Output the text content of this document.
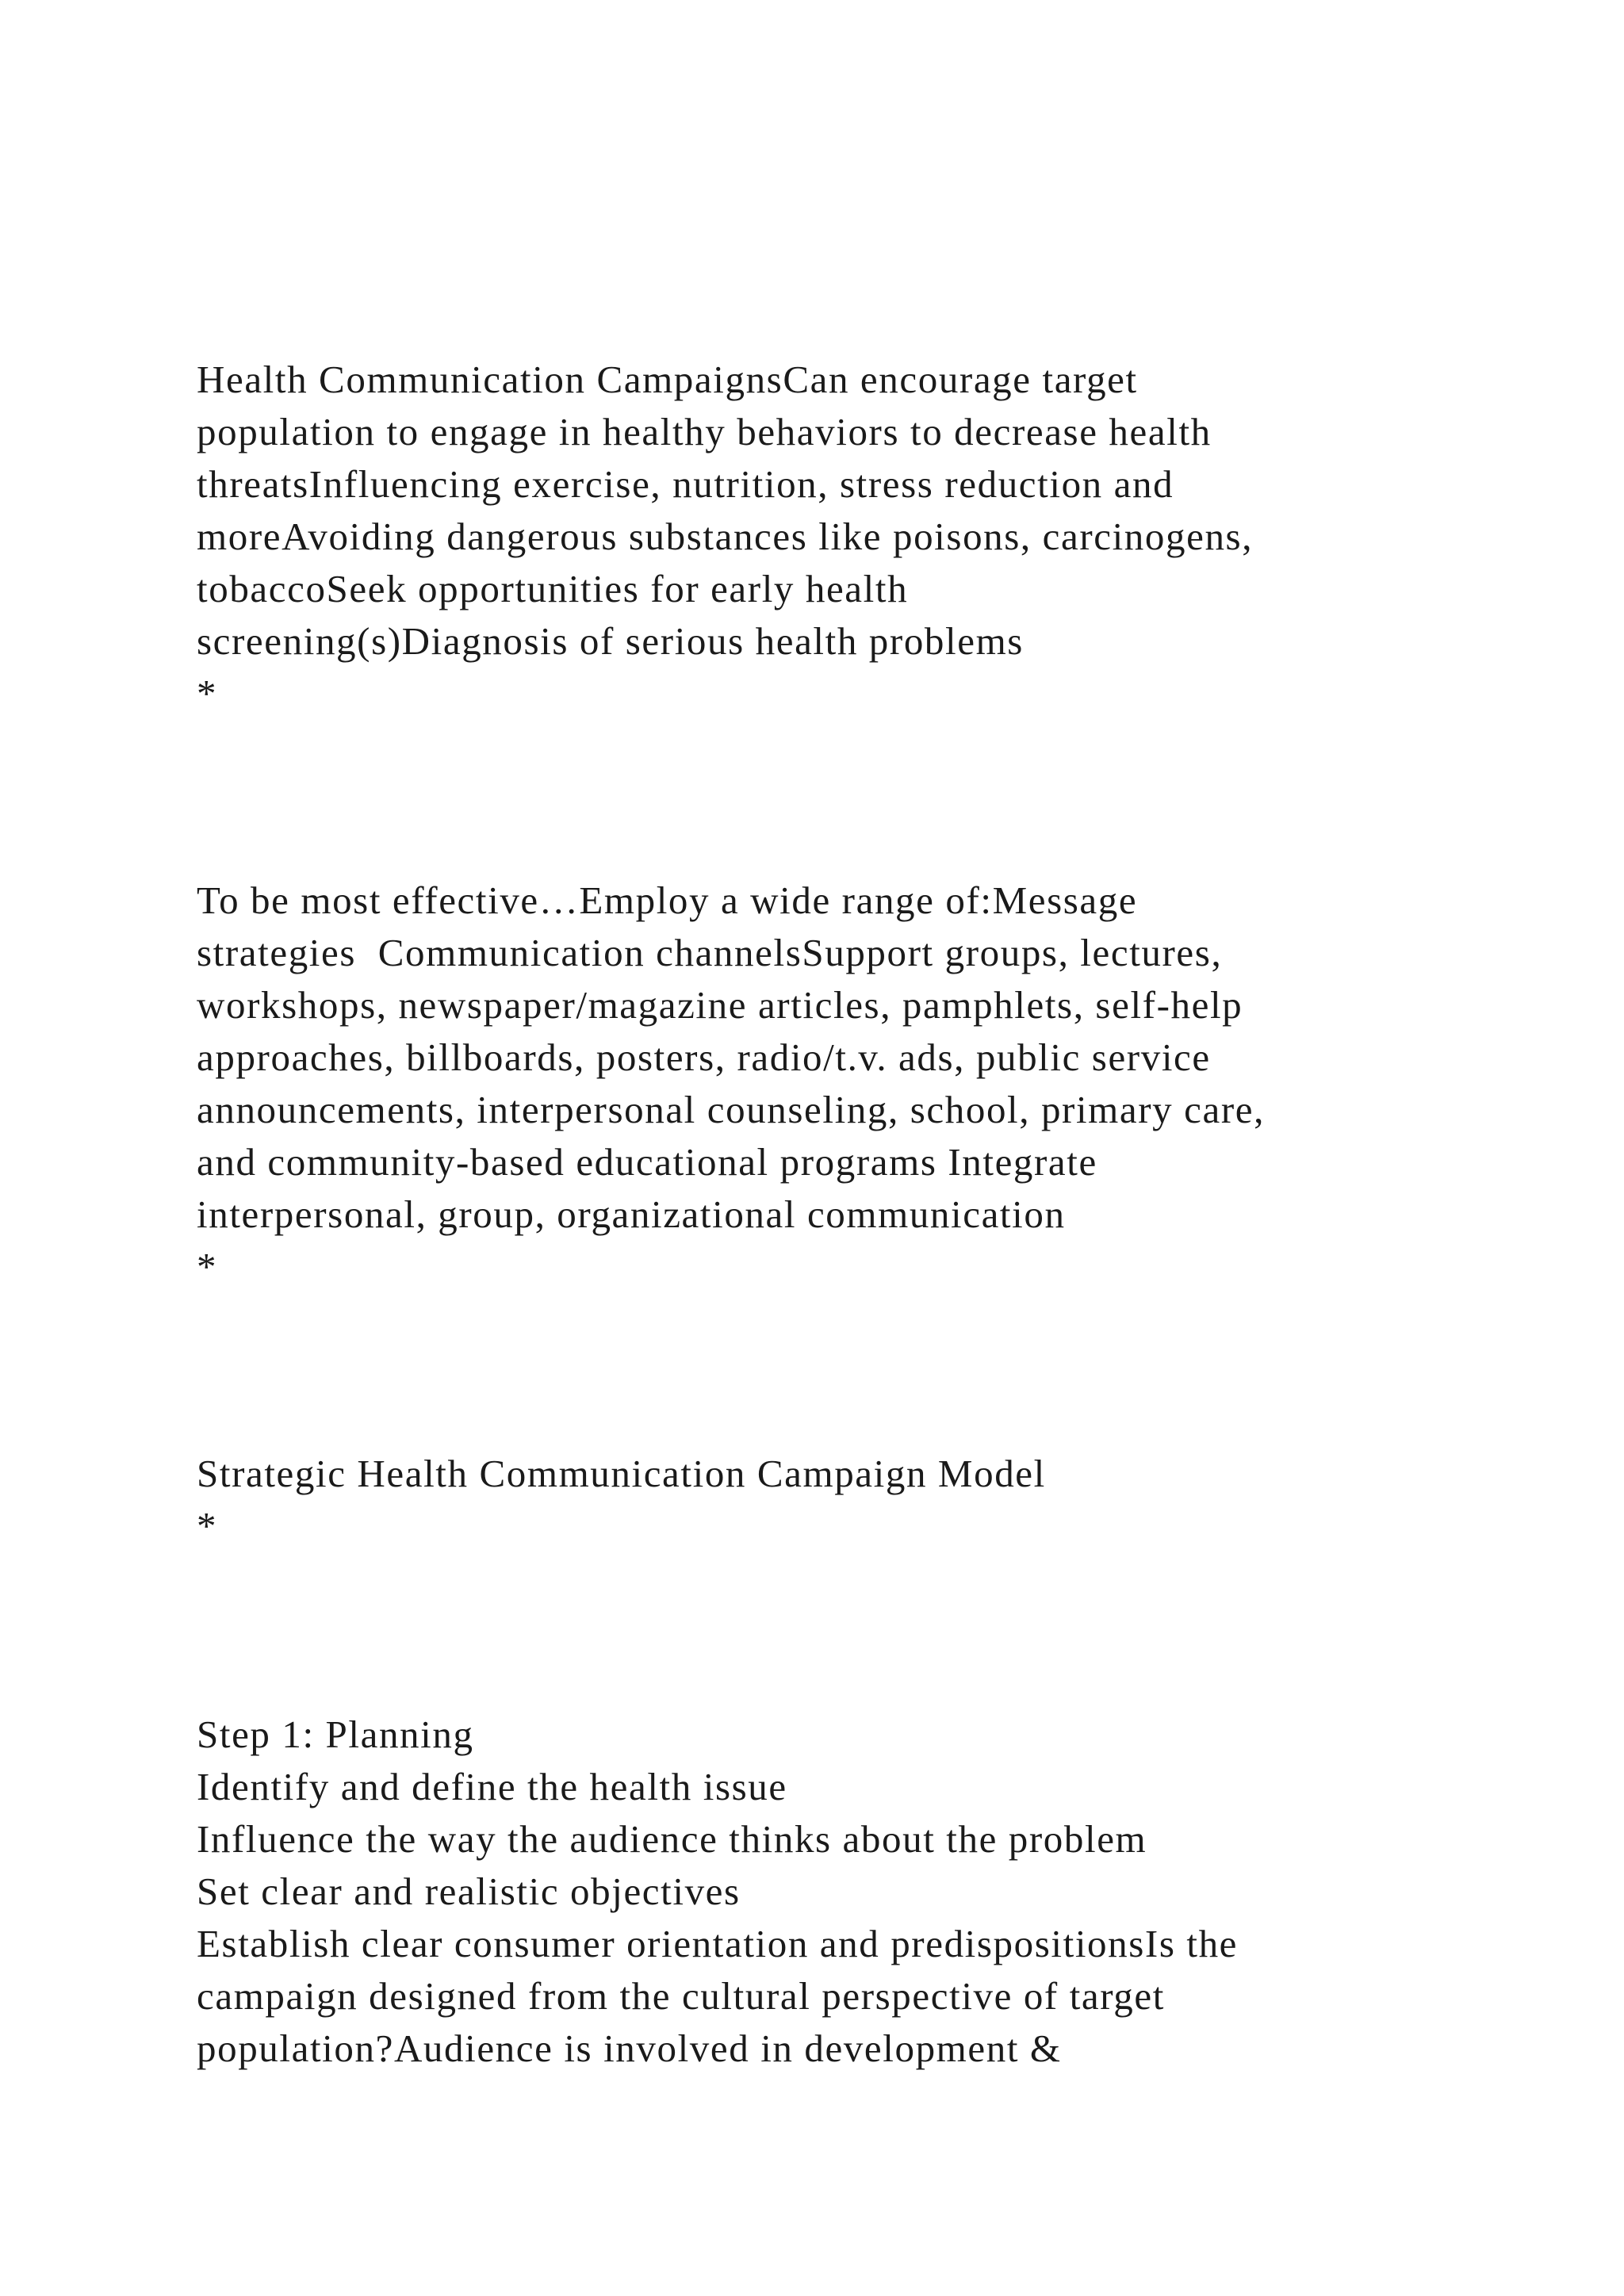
Health Communication CampaignsCan encourage target

population to engage in healthy behaviors to decrease health

threatsInfluencing exercise, nutrition, stress reduction and

moreAvoiding dangerous substances like poisons, carcinogens,

tobaccoSeek opportunities for early health

screening(s)Diagnosis of serious health problems

*

To be most effective…Employ a wide range of:Message

strategies  Communication channelsSupport groups, lectures,

workshops, newspaper/magazine articles, pamphlets, self-help

approaches, billboards, posters, radio/t.v. ads, public service

announcements, interpersonal counseling, school, primary care,

and community-based educational programs Integrate

interpersonal, group, organizational communication

*

Strategic Health Communication Campaign Model

*

Step 1: Planning

Identify and define the health issue

Influence the way the audience thinks about the problem

Set clear and realistic objectives

Establish clear consumer orientation and predispositionsIs the

campaign designed from the cultural perspective of target

population?Audience is involved in development &
